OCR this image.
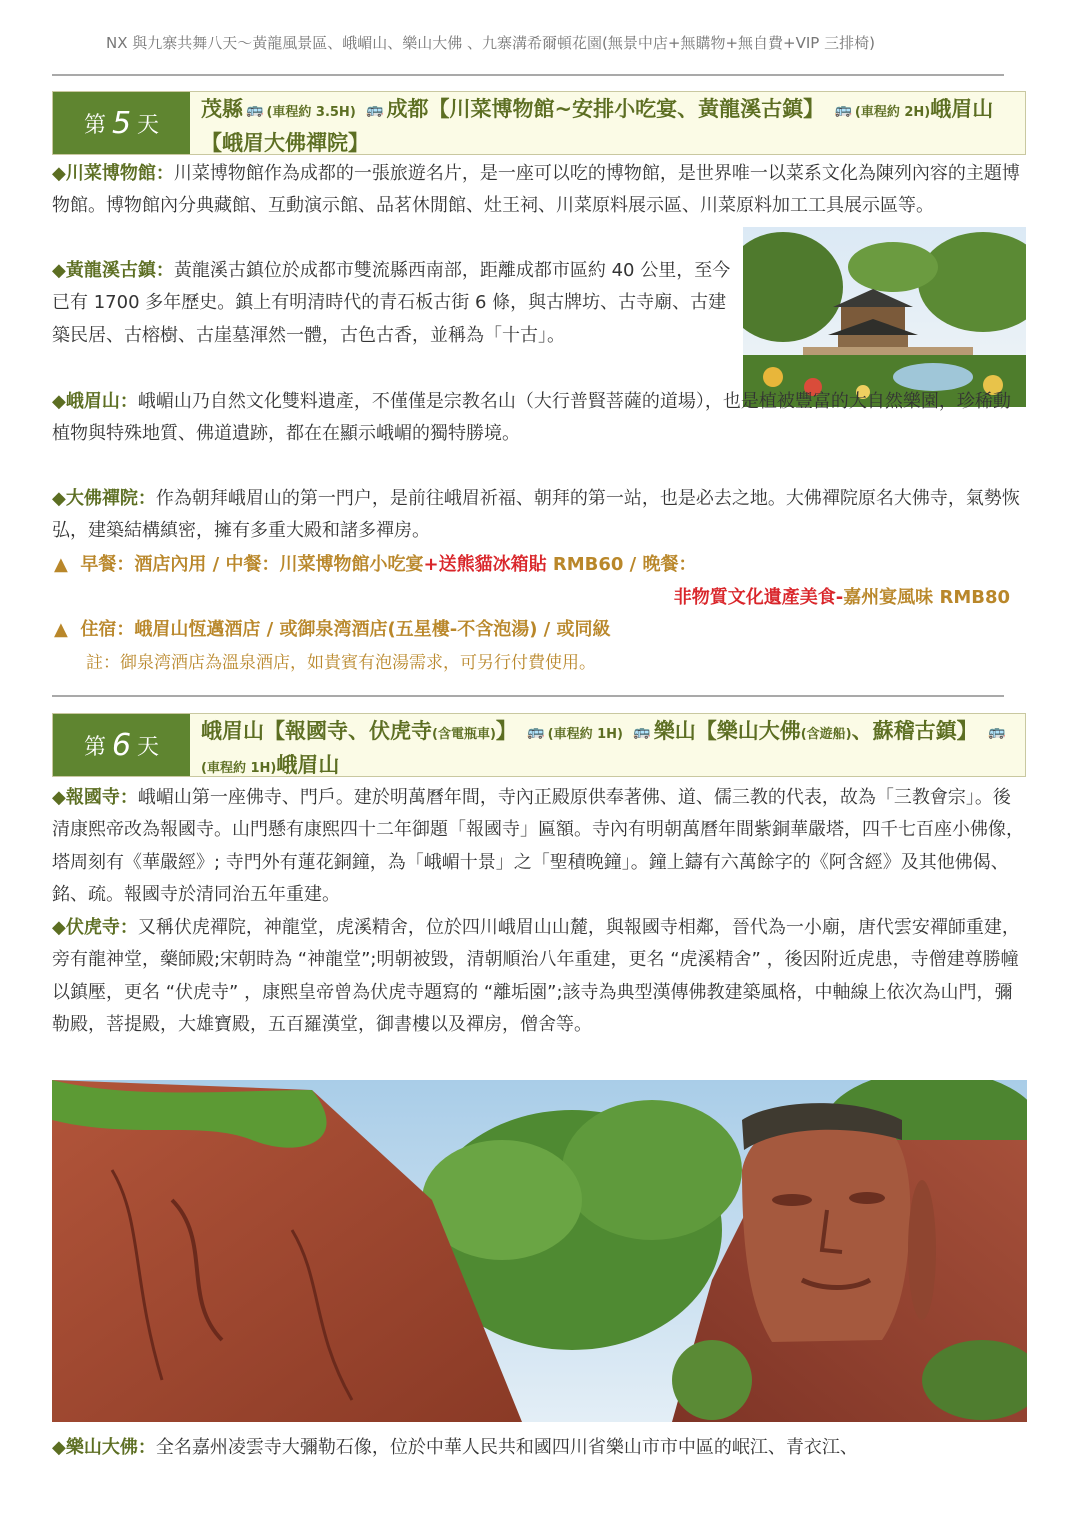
NX 與九寨共舞八天～黃龍風景區、峨嵋山、樂山大佛 、九寨溝希爾頓花園(無景中店+無購物+無自費+VIP 三排椅)
第 5 天
茂縣 🚌 (車程約 3.5H) 🚌 成都【川菜博物館~安排小吃宴、黃龍溪古鎮】 🚌 (車程約 2H)峨眉山【峨眉大佛禪院】
◆川菜博物館：川菜博物館作為成都的一張旅遊名片，是一座可以吃的博物館，是世界唯一以菜系文化為陳列內容的主題博物館。博物館內分典藏館、互動演示館、品茗休閒館、灶王祠、川菜原料展示區、川菜原料加工工具展示區等。
◆黃龍溪古鎮：黃龍溪古鎮位於成都市雙流縣西南部，距離成都市區約 40 公里，至今已有 1700 多年歷史。鎮上有明清時代的青石板古街 6 條，與古牌坊、古寺廟、古建築民居、古榕樹、古崖墓渾然一體，古色古香，並稱為「十古」。
◆峨眉山：峨嵋山乃自然文化雙料遺產，不僅僅是宗教名山（大行普賢菩薩的道場），也是植被豐富的大自然樂園，珍稀動植物與特殊地質、佛道遺跡，都在在顯示峨嵋的獨特勝境。
◆大佛禪院：作為朝拜峨眉山的第一門户，是前往峨眉祈福、朝拜的第一站，也是必去之地。大佛禪院原名大佛寺，氣勢恢弘，建築結構縝密，擁有多重大殿和諸多禪房。
▲ 早餐：酒店內用 / 中餐：川菜博物館小吃宴+送熊貓冰箱貼 RMB60 / 晚餐：
非物質文化遺產美食-嘉州宴風味 RMB80
▲ 住宿：峨眉山恆邁酒店 / 或御泉湾酒店(五星樓-不含泡湯) / 或同級
註：御泉湾酒店為溫泉酒店，如貴賓有泡湯需求，可另行付費使用。
第 6 天
峨眉山【報國寺、伏虎寺(含電瓶車)】 🚌 (車程約 1H) 🚌 樂山【樂山大佛(含遊船)、蘇稽古鎮】 🚌(車程約 1H)峨眉山
◆報國寺：峨嵋山第一座佛寺、門戶。建於明萬曆年間，寺內正殿原供奉著佛、道、儒三教的代表，故為「三教會宗」。後清康熙帝改為報國寺。山門懸有康熙四十二年御題「報國寺」匾額。寺內有明朝萬曆年間紫銅華嚴塔，四千七百座小佛像，塔周刻有《華嚴經》; 寺門外有蓮花銅鐘，為「峨嵋十景」之「聖積晚鐘」。鐘上鑄有六萬餘字的《阿含經》及其他佛偈、銘、疏。報國寺於清同治五年重建。
◆伏虎寺：又稱伏虎禪院，神龍堂，虎溪精舍，位於四川峨眉山山麓，與報國寺相鄰，晉代為一小廟，唐代雲安禪師重建，旁有龍神堂，藥師殿;宋朝時為 “神龍堂”;明朝被毀，清朝順治八年重建，更名 “虎溪精舍” ，後因附近虎患，寺僧建尊勝幢以鎮壓，更名 “伏虎寺” ，康熙皇帝曾為伏虎寺題寫的 “離垢園”;該寺為典型漢傳佛教建築風格，中軸線上依次為山門，彌勒殿，菩提殿，大雄寶殿，五百羅漢堂，御書樓以及禪房，僧舍等。
◆樂山大佛：全名嘉州凌雲寺大彌勒石像，位於中華人民共和國四川省樂山市市中區的岷江、青衣江、
